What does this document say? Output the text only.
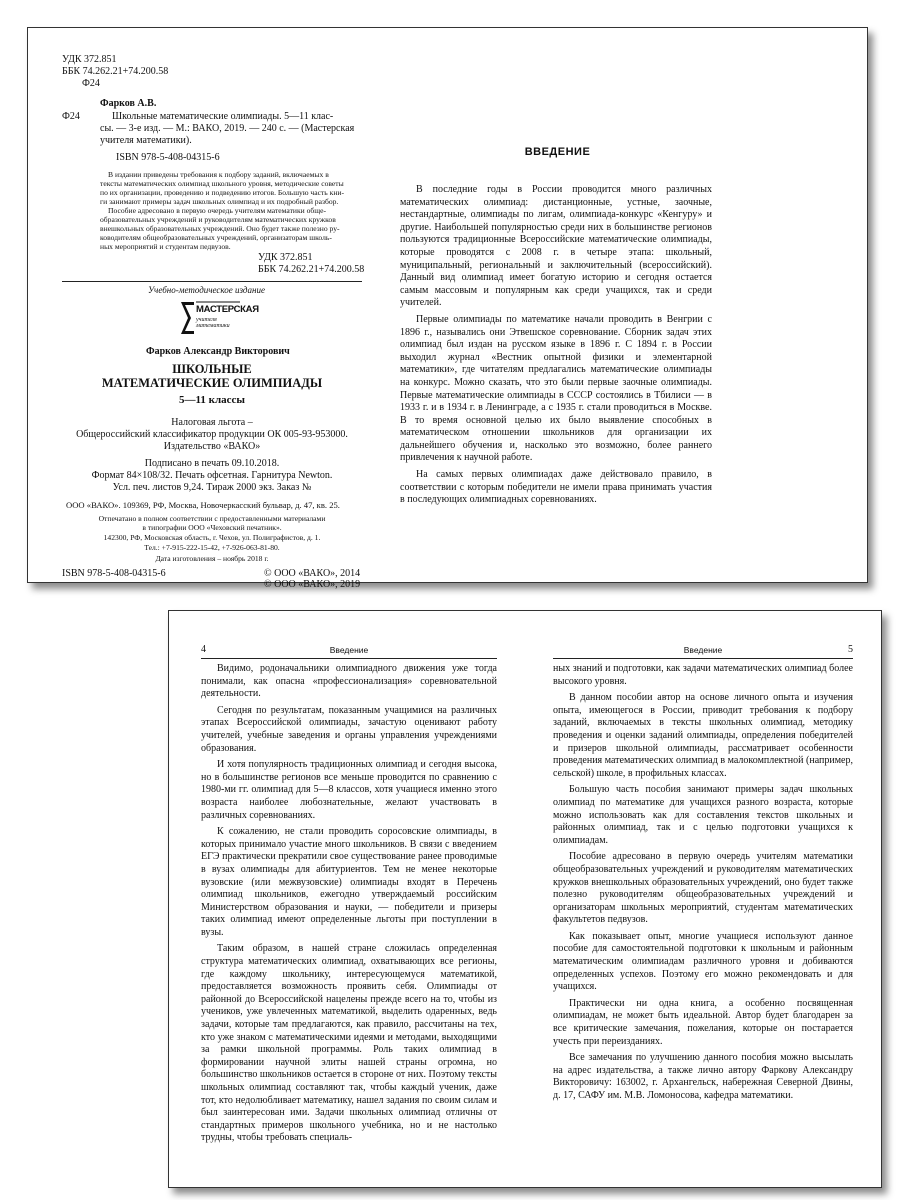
УДК 372.851
ББК 74.262.21+74.200.58
Ф24
Фарков А.В.
Ф24	Школьные математические олимпиады. 5—11 клас-
сы. — 3-е изд. — М.: ВАКО, 2019. — 240 с. — (Мастерская
учителя математики).
ISBN 978-5-408-04315-6
В издании приведены требования к подбору заданий, включаемых в
тексты математических олимпиад школьного уровня, методические советы
по их организации, проведению и подведению итогов. Большую часть кни-
ги занимают примеры задач школьных олимпиад и их подробный разбор.
Пособие адресовано в первую очередь учителям математики обще-
образовательных учреждений и руководителям математических кружков
внешкольных образовательных учреждений. Оно будет также полезно ру-
ководителям общеобразовательных учреждений, организаторам школь-
ных мероприятий и студентам педвузов.
УДК 372.851
ББК 74.262.21+74.200.58
Учебно-методическое издание
МАСТЕРСКАЯ
учителя математики
Фарков Александр Викторович
ШКОЛЬНЫЕ
МАТЕМАТИЧЕСКИЕ ОЛИМПИАДЫ
5—11 классы
Налоговая льгота –
Общероссийский классификатор продукции ОК 005-93-953000.
Издательство «ВАКО»
Подписано в печать 09.10.2018.
Формат 84×108/32. Печать офсетная. Гарнитура Newton.
Усл. печ. листов 9,24. Тираж 2000 экз. Заказ №
ООО «ВАКО». 109369, РФ, Москва, Новочеркасский бульвар, д. 47, кв. 25.
Отпечатано в полном соответствии с предоставленными материалами
в типографии ООО «Чеховский печатник».
142300, РФ, Московская область, г. Чехов, ул. Полиграфистов, д. 1.
Тел.: +7-915-222-15-42, +7-926-063-81-80.
Дата изготовления – ноябрь 2018 г.
ISBN 978-5-408-04315-6	© ООО «ВАКО», 2014
© ООО «ВАКО», 2019
ВВЕДЕНИЕ

В последние годы в России проводится много различных математических олимпиад: дистанционные, устные, заочные, нестандартные, олимпиады по лигам, олимпиада-конкурс «Кенгуру» и другие. Наибольшей популярностью среди них в большинстве регионов пользуются традиционные Всероссийские математические олимпиады, которые проводятся с 2008 г. в четыре этапа: школьный, муниципальный, региональный и заключительный (всероссийский). Данный вид олимпиад имеет богатую историю и сегодня остается самым массовым и популярным как среди учащихся, так и среди учителей.

Первые олимпиады по математике начали проводить в Венгрии с 1896 г., назывались они Этвешское соревнование. Сборник задач этих олимпиад был издан на русском языке в 1896 г. С 1894 г. в России выходил журнал «Вестник опытной физики и элементарной математики», где читателям предлагались математические олимпиады на конкурс. Можно сказать, что это были первые заочные олимпиады. Первые математические олимпиады в СССР состоялись в Тбилиси — в 1933 г. и в 1934 г. в Ленинграде, а с 1935 г. стали проводиться в Москве. В то время основной целью их было выявление способных в математическом отношении школьников для организации их дальнейшего обучения и, насколько это возможно, более раннего привлечения к научной работе.

На самых первых олимпиадах даже действовало правило, в соответствии с которым победители не имели права принимать участия в последующих олимпиадных соревнованиях.

4	Введение

Видимо, родоначальники олимпиадного движения уже тогда понимали, как опасна «профессионализация» соревновательной деятельности.

Сегодня по результатам, показанным учащимися на различных этапах Всероссийской олимпиады, зачастую оценивают работу учителей, учебные заведения и органы управления учреждениями образования.

И хотя популярность традиционных олимпиад и сегодня высока, но в большинстве регионов все меньше проводится по сравнению с 1980-ми гг. олимпиад для 5—8 классов, хотя учащиеся именно этого возраста наиболее любознательные, желают участвовать в различных соревнованиях.

К сожалению, не стали проводить соросовские олимпиады, в которых принимало участие много школьников. В связи с введением ЕГЭ практически прекратили свое существование ранее проводимые в вузах олимпиады для абитуриентов. Тем не менее некоторые вузовские (или межвузовские) олимпиады входят в Перечень олимпиад школьников, ежегодно утверждаемый российским Министерством образования и науки, — победители и призеры таких олимпиад имеют определенные льготы при поступлении в вузы.

Таким образом, в нашей стране сложилась определенная структура математических олимпиад, охватывающих все регионы, где каждому школьнику, интересующемуся математикой, предоставляется возможность проявить себя. Олимпиады от районной до Всероссийской нацелены прежде всего на то, чтобы из учеников, уже увлеченных математикой, выделить одаренных, ведь задачи, которые там предлагаются, как правило, рассчитаны на тех, кто уже знаком с математическими идеями и методами, выходящими за рамки школьной программы. Роль таких олимпиад в формировании научной элиты нашей страны огромна, но большинство школьников остается в стороне от них. Поэтому тексты школьных олимпиад составляют так, чтобы каждый ученик, даже тот, кто недолюбливает математику, нашел задания по своим силам и был заинтересован ими. Задачи школьных олимпиад отличны от стандартных примеров школьного учебника, но и не настолько трудны, чтобы требовать специаль-

Введение	5

ных знаний и подготовки, как задачи математических олимпиад более высокого уровня.

В данном пособии автор на основе личного опыта и изучения опыта, имеющегося в России, приводит требования к подбору заданий, включаемых в тексты школьных олимпиад, методику проведения и оценки заданий олимпиады, определения победителей и призеров школьной олимпиады, рассматривает особенности проведения математических олимпиад в малокомплектной (например, сельской) школе, в профильных классах.

Большую часть пособия занимают примеры задач школьных олимпиад по математике для учащихся разного возраста, которые можно использовать как для составления текстов школьных и районных олимпиад, так и с целью подготовки учащихся к олимпиадам.

Пособие адресовано в первую очередь учителям математики общеобразовательных учреждений и руководителям математических кружков внешкольных образовательных учреждений, оно будет также полезно руководителям общеобразовательных учреждений и организаторам школьных мероприятий, студентам математических факультетов педвузов.

Как показывает опыт, многие учащиеся используют данное пособие для самостоятельной подготовки к школьным и районным математическим олимпиадам различного уровня и добиваются определенных успехов. Поэтому его можно рекомендовать и для учащихся.

Практически ни одна книга, а особенно посвященная олимпиадам, не может быть идеальной. Автор будет благодарен за все критические замечания, пожелания, которые он постарается учесть при переизданиях.

Все замечания по улучшению данного пособия можно высылать на адрес издательства, а также лично автору Фаркову Александру Викторовичу: 163002, г. Архангельск, набережная Северной Двины, д. 17, САФУ им. М.В. Ломоносова, кафедра математики.
